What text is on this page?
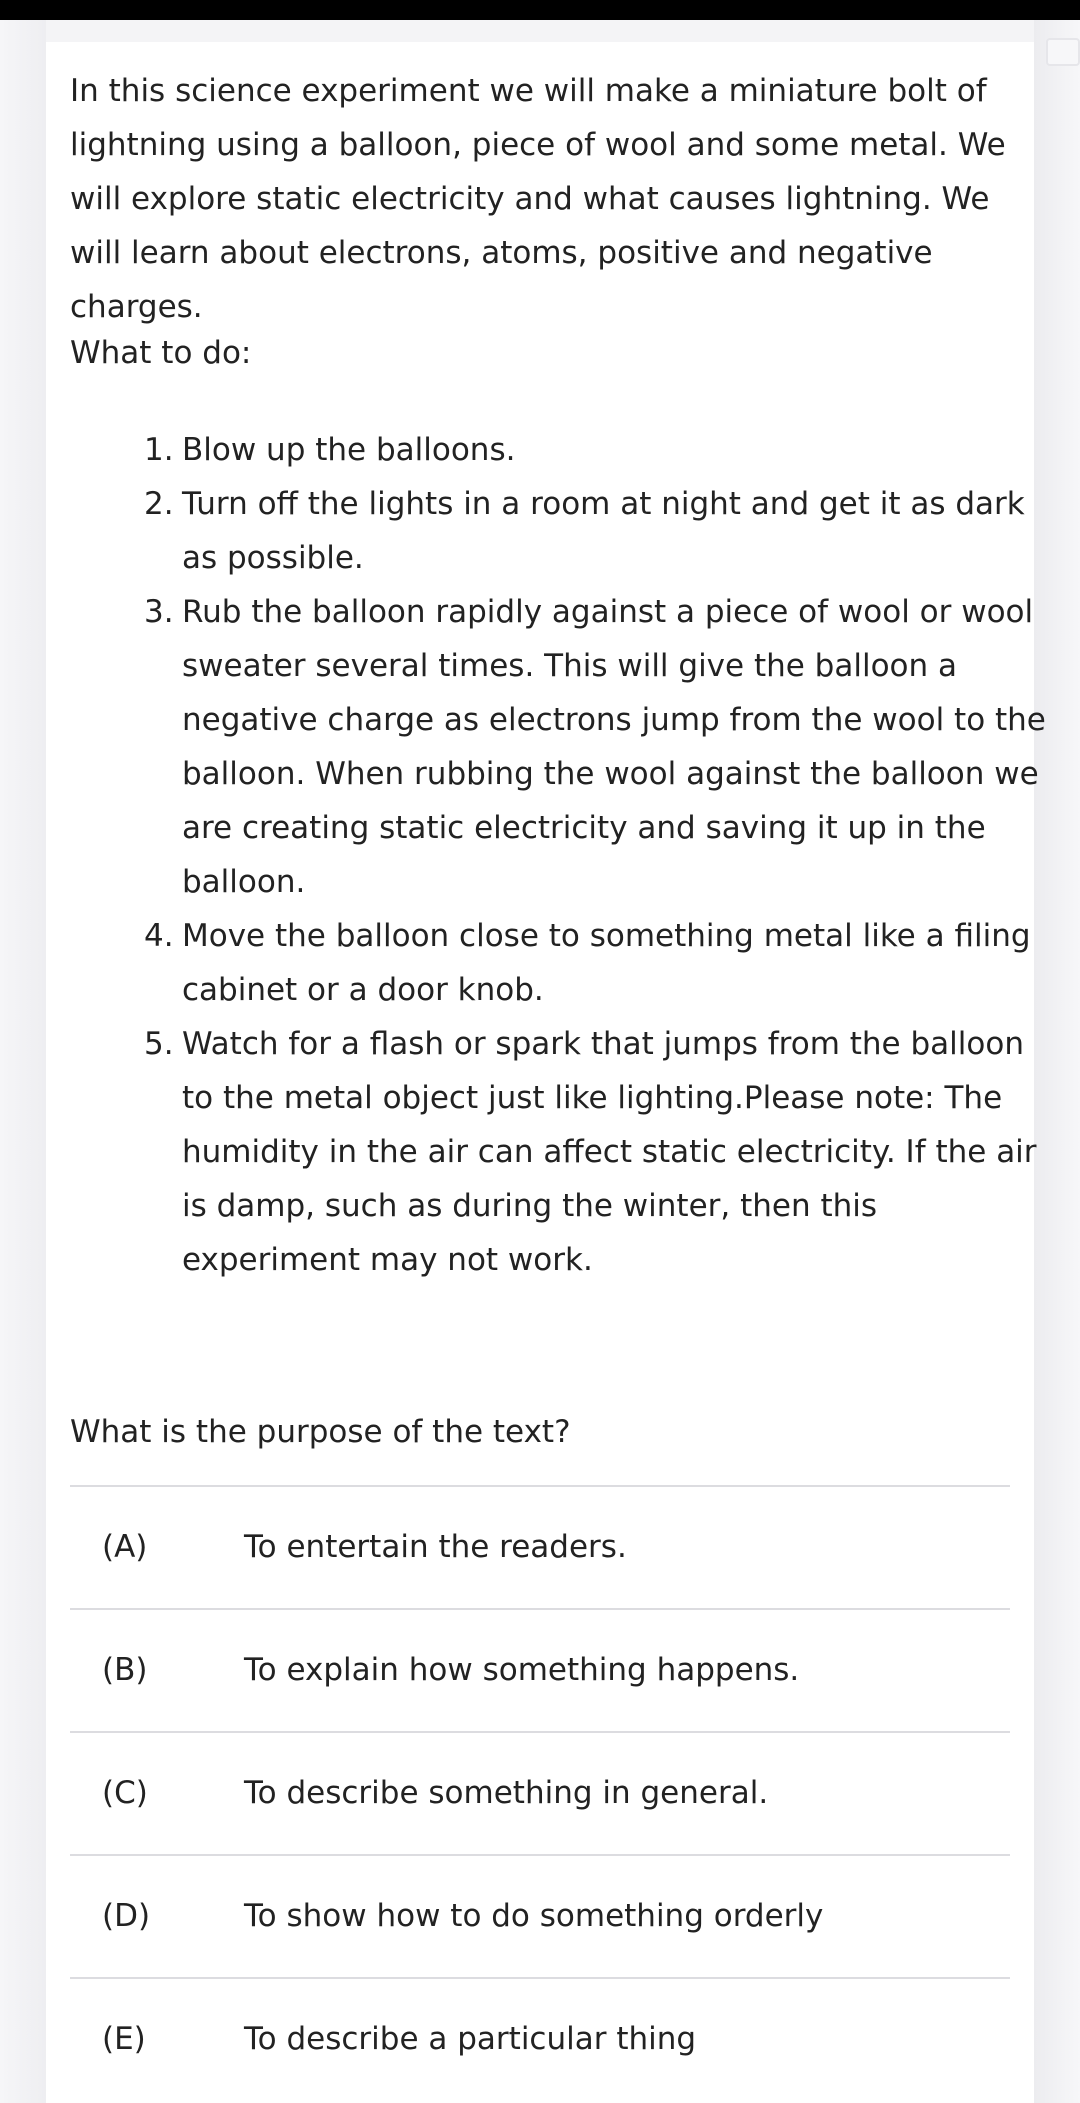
In this science experiment we will make a miniature bolt of lightning using a balloon, piece of wool and some metal. We will explore static electricity and what causes lightning. We will learn about electrons, atoms, positive and negative charges.

What to do:

1. Blow up the balloons.
2. Turn off the lights in a room at night and get it as dark as possible.
3. Rub the balloon rapidly against a piece of wool or wool sweater several times. This will give the balloon a negative charge as electrons jump from the wool to the balloon. When rubbing the wool against the balloon we are creating static electricity and saving it up in the balloon.
4. Move the balloon close to something metal like a filing cabinet or a door knob.
5. Watch for a flash or spark that jumps from the balloon to the metal object just like lighting.Please note: The humidity in the air can affect static electricity. If the air is damp, such as during the winter, then this experiment may not work.

What is the purpose of the text?

(A)	To entertain the readers.
(B)	To explain how something happens.
(C)	To describe something in general.
(D)	To show how to do something orderly
(E)	To describe a particular thing
